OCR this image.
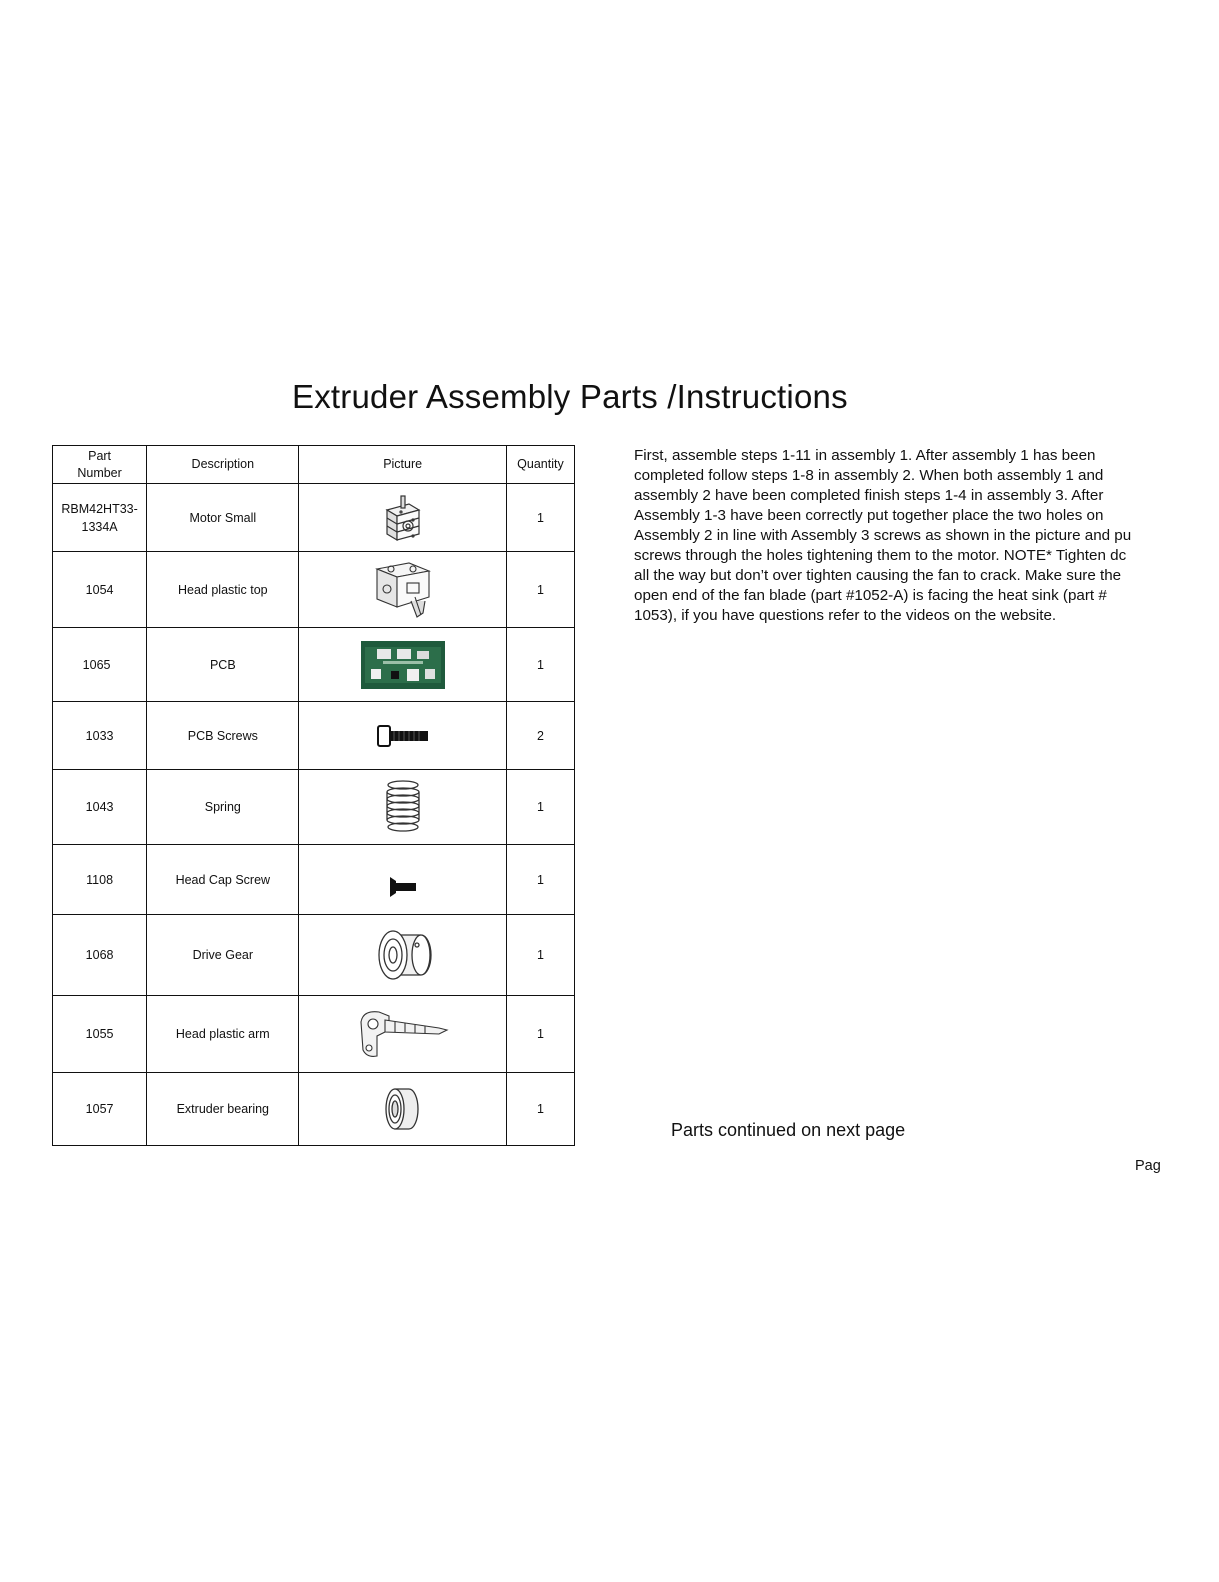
Extruder Assembly Parts /Instructions
Part
Number	Description	Picture	Quantity
RBM42HT33-
1334A	Motor Small		1
1054	Head plastic top		1
1065	PCB		1
1033	PCB Screws		2
1043	Spring		1
1108	Head Cap Screw		1
1068	Drive Gear		1
1055	Head plastic arm		1
1057	Extruder bearing		1
First, assemble steps 1-11 in assembly 1. After assembly 1 has been
completed follow steps 1-8 in assembly 2. When both assembly 1 and
assembly 2 have been completed finish steps 1-4 in assembly 3. After
Assembly 1-3 have been correctly put together place the two holes on
Assembly 2 in line with Assembly 3 screws as shown in the picture and pu
screws through the holes tightening them to the motor. NOTE* Tighten dc
all the way but don’t over tighten causing the fan to crack. Make sure the
open end of the fan blade (part #1052-A) is facing the heat sink (part #
1053), if you have questions refer to the videos on the website.
Parts continued on next page
Pag
